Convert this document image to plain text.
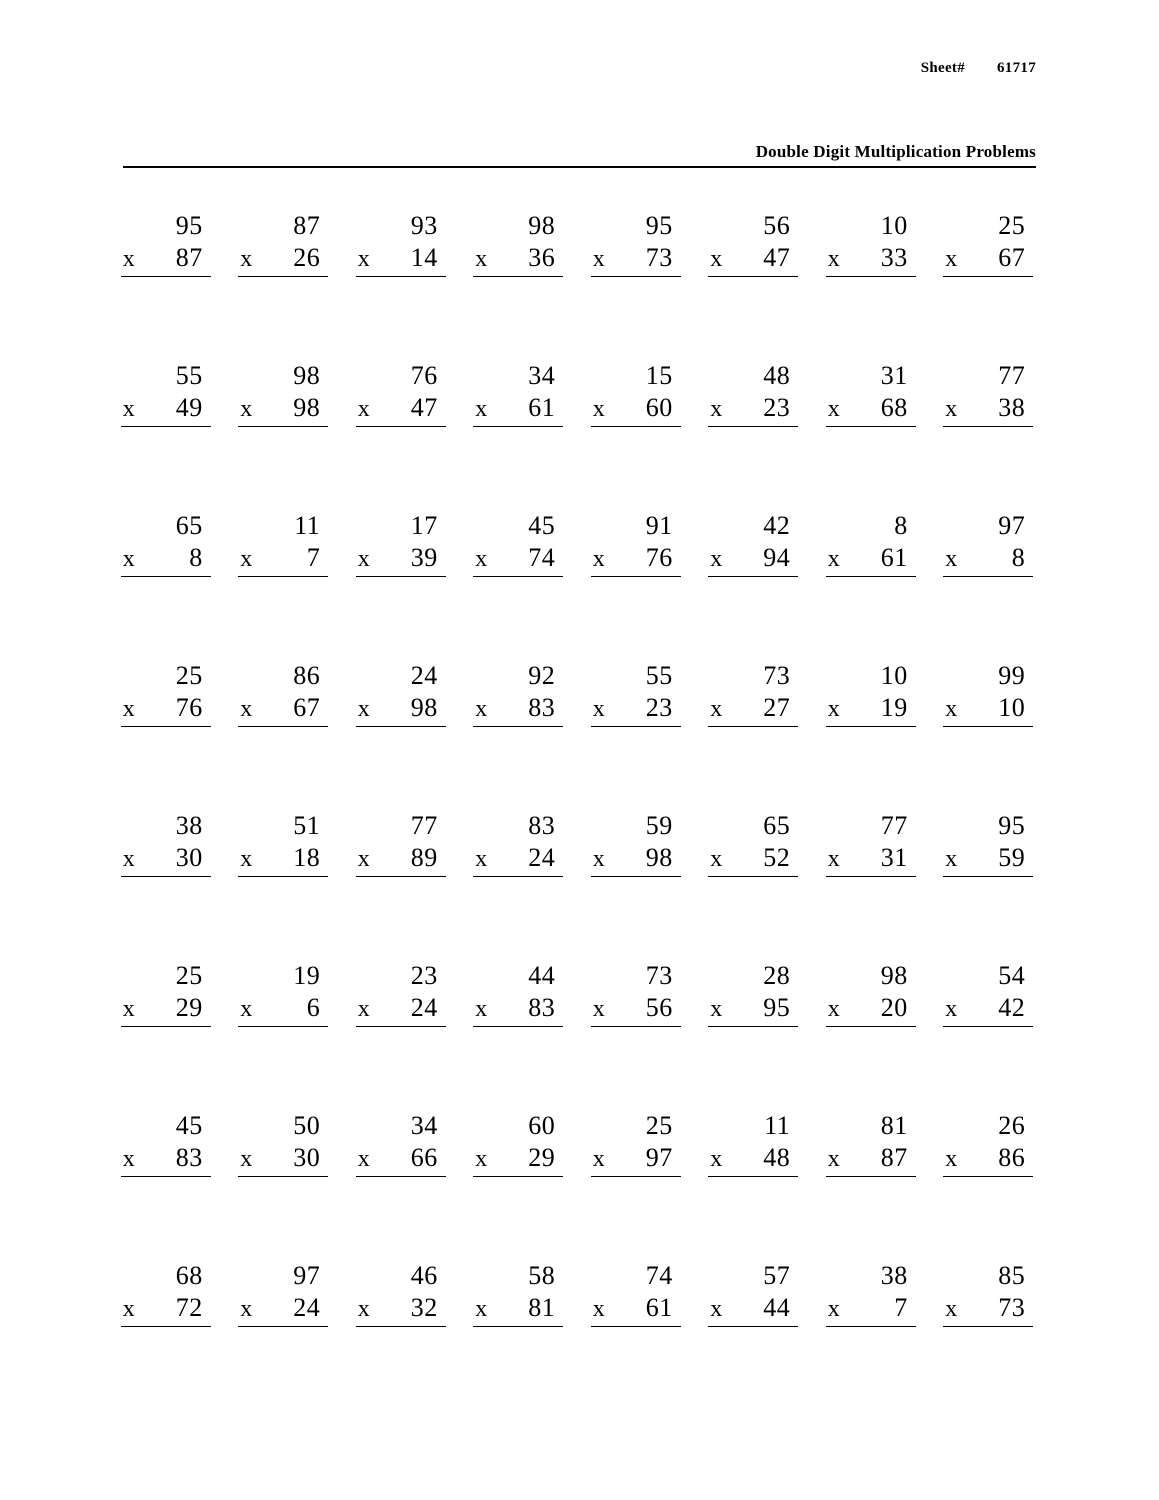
Sheet# 61717
Double Digit Multiplication Problems
95
x 87
87
x 26
93
x 14
98
x 36
95
x 73
56
x 47
10
x 33
25
x 67
55
x 49
98
x 98
76
x 47
34
x 61
15
x 60
48
x 23
31
x 68
77
x 38
65
x 8
11
x 7
17
x 39
45
x 74
91
x 76
42
x 94
8
x 61
97
x 8
25
x 76
86
x 67
24
x 98
92
x 83
55
x 23
73
x 27
10
x 19
99
x 10
38
x 30
51
x 18
77
x 89
83
x 24
59
x 98
65
x 52
77
x 31
95
x 59
25
x 29
19
x 6
23
x 24
44
x 83
73
x 56
28
x 95
98
x 20
54
x 42
45
x 83
50
x 30
34
x 66
60
x 29
25
x 97
11
x 48
81
x 87
26
x 86
68
x 72
97
x 24
46
x 32
58
x 81
74
x 61
57
x 44
38
x 7
85
x 73
